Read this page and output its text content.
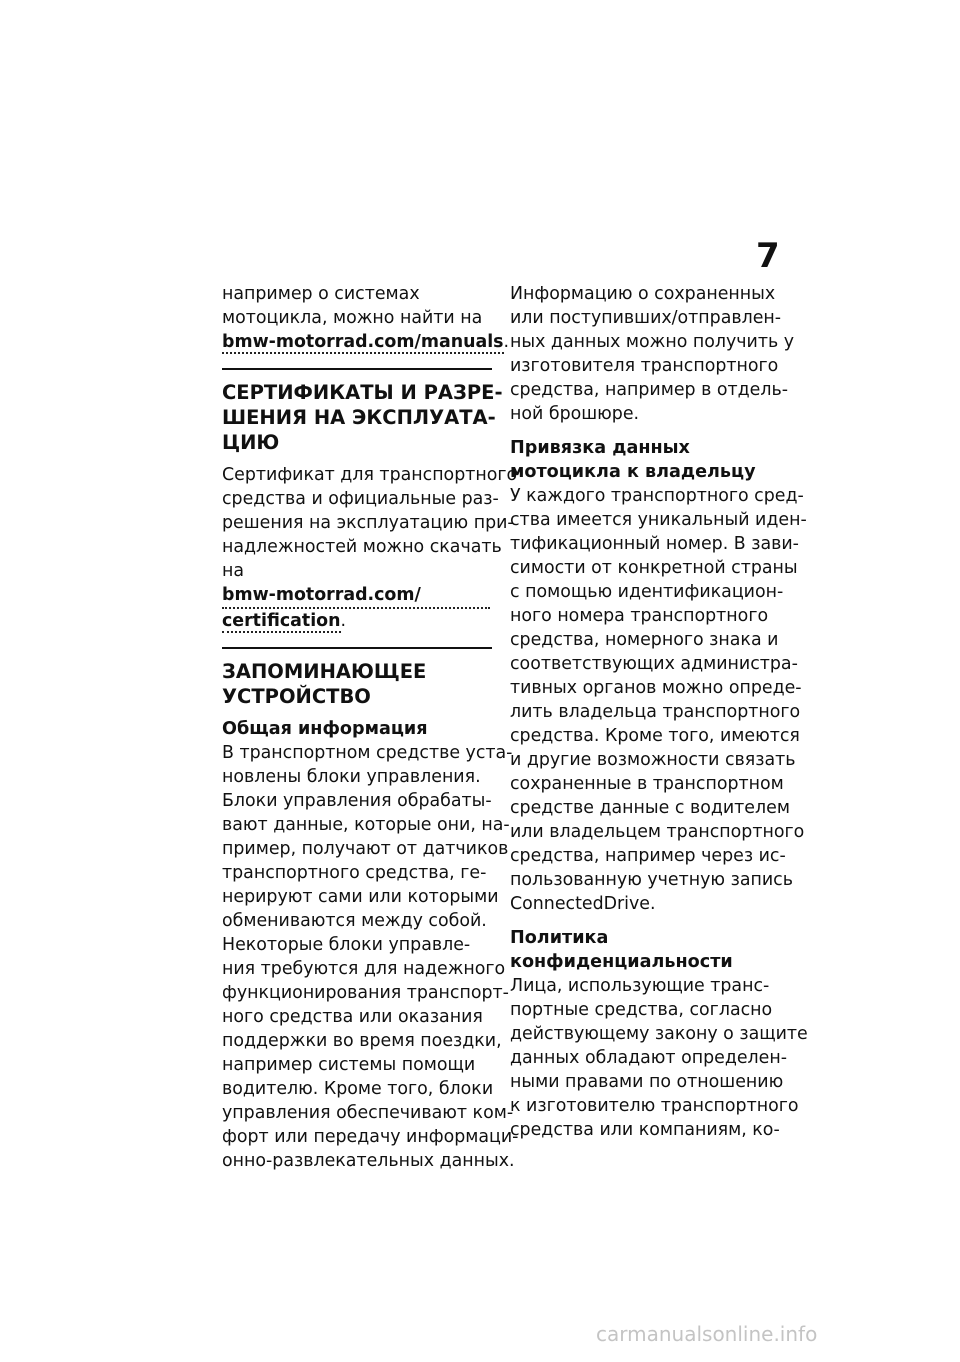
7

например о системах
мотоцикла, можно найти на
bmw-motorrad.com/manuals.

СЕРТИФИКАТЫ И РАЗРЕ-
ШЕНИЯ НА ЭКСПЛУАТА-
ЦИЮ

Сертификат для транспортного
средства и официальные раз-
решения на эксплуатацию при-
надлежностей можно скачать
на
bmw-motorrad.com/
certification.

ЗАПОМИНАЮЩЕЕ
УСТРОЙСТВО
Общая информация

В транспортном средстве уста-
новлены блоки управления.
Блоки управления обрабаты-
вают данные, которые они, на-
пример, получают от датчиков
транспортного средства, ге-
нерируют сами или которыми
обмениваются между собой.
Некоторые блоки управле-
ния требуются для надежного
функционирования транспорт-
ного средства или оказания
поддержки во время поездки,
например системы помощи
водителю. Кроме того, блоки
управления обеспечивают ком-
форт или передачу информаци-
онно-развлекательных данных.

Информацию о сохраненных
или поступивших/отправлен-
ных данных можно получить у
изготовителя транспортного
средства, например в отдель-
ной брошюре.

Привязка данных
мотоцикла к владельцу

У каждого транспортного сред-
ства имеется уникальный иден-
тификационный номер. В зави-
симости от конкретной страны
с помощью идентификацион-
ного номера транспортного
средства, номерного знака и
соответствующих администра-
тивных органов можно опреде-
лить владельца транспортного
средства. Кроме того, имеются
и другие возможности связать
сохраненные в транспортном
средстве данные с водителем
или владельцем транспортного
средства, например через ис-
пользованную учетную запись
ConnectedDrive.

Политика
конфиденциальности

Лица, использующие транс-
портные средства, согласно
действующему закону о защите
данных обладают определен-
ными правами по отношению
к изготовителю транспортного
средства или компаниям, ко-

carmanualsonline.info
